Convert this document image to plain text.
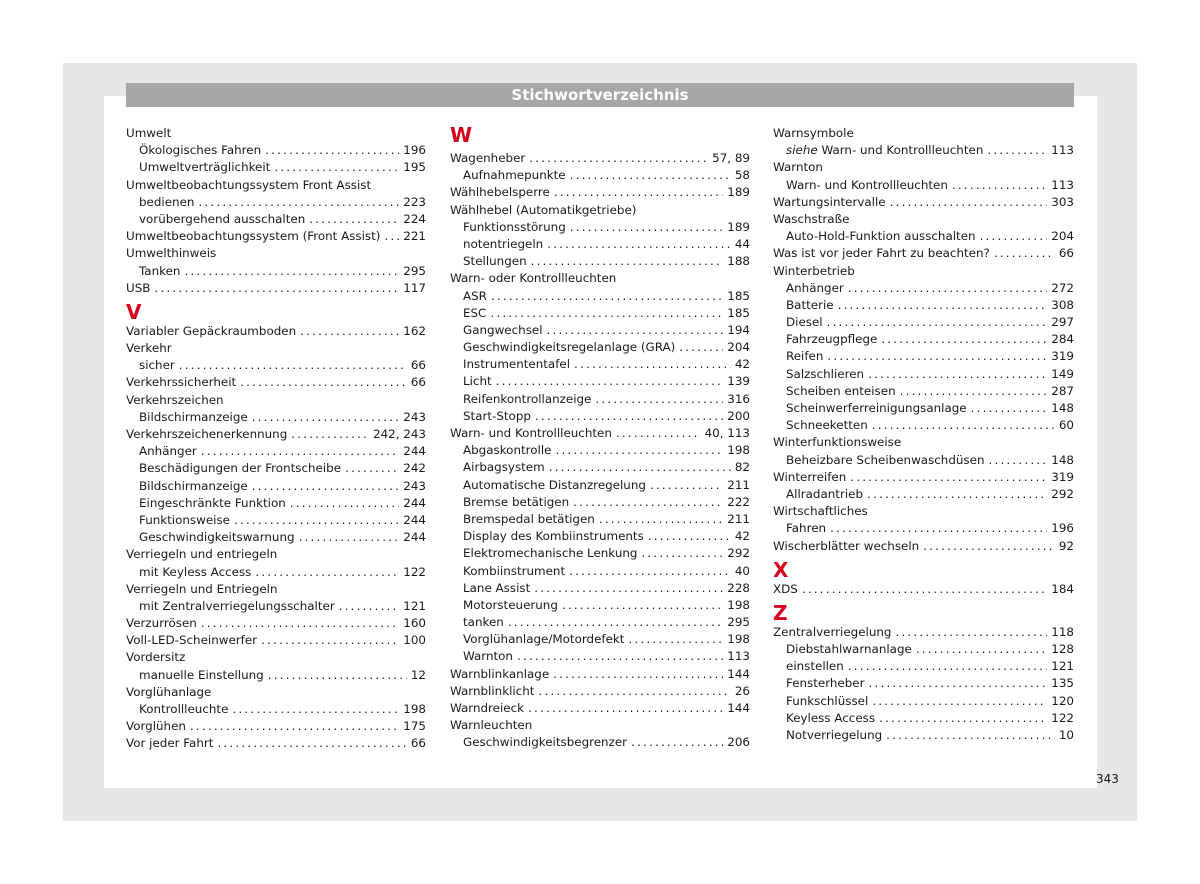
Stichwortverzeichnis
Umwelt
Ökologisches Fahren .....	196
Umweltverträglichkeit .....	195
Umweltbeobachtungssystem Front Assist
bedienen .....	223
vorübergehend ausschalten .....	224
Umweltbeobachtungssystem (Front Assist) ..... 221
Umwelthinweis
Tanken .....	295
USB .....	117
V
Variabler Gepäckraumboden .....	162
Verkehr
sicher .....	66
Verkehrssicherheit .....	66
Verkehrszeichen
Bildschirmanzeige .....	243
Verkehrszeichenerkennung .....	242, 243
Anhänger .....	244
Beschädigungen der Frontscheibe .....	242
Bildschirmanzeige .....	243
Eingeschränkte Funktion .....	244
Funktionsweise .....	244
Geschwindigkeitswarnung .....	244
Verriegeln und entriegeln
mit Keyless Access .....	122
Verriegeln und Entriegeln
mit Zentralverriegelungsschalter .....	121
Verzurrösen .....	160
Voll-LED-Scheinwerfer .....	100
Vordersitz
manuelle Einstellung .....	12
Vorglühanlage
Kontrollleuchte .....	198
Vorglühen .....	175
Vor jeder Fahrt .....	66
W
Wagenheber .....	57, 89
Aufnahmepunkte .....	58
Wählhebelsperre .....	189
Wählhebel (Automatikgetriebe)
Funktionsstörung .....	189
notentriegeln .....	44
Stellungen .....	188
Warn- oder Kontrollleuchten
ASR .....	185
ESC .....	185
Gangwechsel .....	194
Geschwindigkeitsregelanlage (GRA) .....	204
Instrumententafel .....	42
Licht .....	139
Reifenkontrollanzeige .....	316
Start-Stopp .....	200
Warn- und Kontrollleuchten .....	40, 113
Abgaskontrolle .....	198
Airbagsystem .....	82
Automatische Distanzregelung .....	211
Bremse betätigen .....	222
Bremspedal betätigen .....	211
Display des Kombiinstruments .....	42
Elektromechanische Lenkung .....	292
Kombiinstrument .....	40
Lane Assist .....	228
Motorsteuerung .....	198
tanken .....	295
Vorglühanlage/Motordefekt .....	198
Warnton .....	113
Warnblinkanlage .....	144
Warnblinklicht .....	26
Warndreieck .....	144
Warnleuchten
Geschwindigkeitsbegrenzer .....	206
Warnsymbole
siehe Warn- und Kontrollleuchten .....	113
Warnton
Warn- und Kontrollleuchten .....	113
Wartungsintervalle .....	303
Waschstraße
Auto-Hold-Funktion ausschalten .....	204
Was ist vor jeder Fahrt zu beachten? .....	66
Winterbetrieb
Anhänger .....	272
Batterie .....	308
Diesel .....	297
Fahrzeugpflege .....	284
Reifen .....	319
Salzschlieren .....	149
Scheiben enteisen .....	287
Scheinwerferreinigungsanlage .....	148
Schneeketten .....	60
Winterfunktionsweise
Beheizbare Scheibenwaschdüsen .....	148
Winterreifen .....	319
Allradantrieb .....	292
Wirtschaftliches
Fahren .....	196
Wischerblätter wechseln .....	92
X
XDS .....	184
Z
Zentralverriegelung .....	118
Diebstahlwarnanlage .....	128
einstellen .....	121
Fensterheber .....	135
Funkschlüssel .....	120
Keyless Access .....	122
Notverriegelung .....	10
343
